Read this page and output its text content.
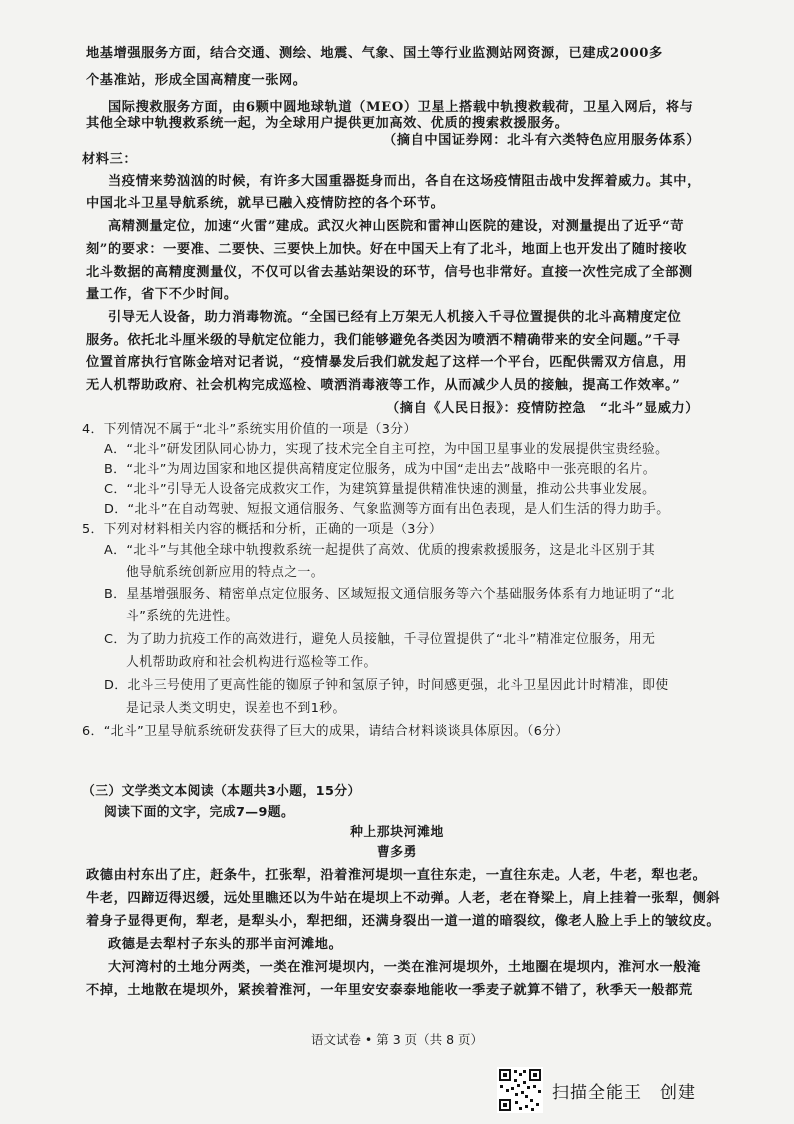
地基增强服务方面，结合交通、测绘、地震、气象、国土等行业监测站网资源，已建成2000多
个基准站，形成全国高精度一张网。
国际搜救服务方面，由6颗中圆地球轨道（MEO）卫星上搭载中轨搜救载荷，卫星入网后，将与
其他全球中轨搜救系统一起，为全球用户提供更加高效、优质的搜索救援服务。
（摘自中国证券网：北斗有六类特色应用服务体系）
材料三：
当疫情来势汹汹的时候，有许多大国重器挺身而出，各自在这场疫情阻击战中发挥着威力。其中，
中国北斗卫星导航系统，就早已融入疫情防控的各个环节。
高精测量定位，加速“火雷”建成。武汉火神山医院和雷神山医院的建设，对测量提出了近乎“苛
刻”的要求：一要准、二要快、三要快上加快。好在中国天上有了北斗，地面上也开发出了随时接收
北斗数据的高精度测量仪，不仅可以省去基站架设的环节，信号也非常好。直接一次性完成了全部测
量工作，省下不少时间。
引导无人设备，助力消毒物流。“全国已经有上万架无人机接入千寻位置提供的北斗高精度定位
服务。依托北斗厘米级的导航定位能力，我们能够避免各类因为喷洒不精确带来的安全问题。”千寻
位置首席执行官陈金培对记者说，“疫情暴发后我们就发起了这样一个平台，匹配供需双方信息，用
无人机帮助政府、社会机构完成巡检、喷洒消毒液等工作，从而减少人员的接触，提高工作效率。”
（摘自《人民日报》：疫情防控急　“北斗”显威力）
4．下列情况不属于“北斗”系统实用价值的一项是（3分）
A．“北斗”研发团队同心协力，实现了技术完全自主可控，为中国卫星事业的发展提供宝贵经验。
B．“北斗”为周边国家和地区提供高精度定位服务，成为中国“走出去”战略中一张亮眼的名片。
C．“北斗”引导无人设备完成救灾工作，为建筑算量提供精准快速的测量，推动公共事业发展。
D．“北斗”在自动驾驶、短报文通信服务、气象监测等方面有出色表现，是人们生活的得力助手。
5．下列对材料相关内容的概括和分析，正确的一项是（3分）
A．“北斗”与其他全球中轨搜救系统一起提供了高效、优质的搜索救援服务，这是北斗区别于其
他导航系统创新应用的特点之一。
B．星基增强服务、精密单点定位服务、区域短报文通信服务等六个基础服务体系有力地证明了“北
斗”系统的先进性。
C．为了助力抗疫工作的高效进行，避免人员接触，千寻位置提供了“北斗”精准定位服务，用无
人机帮助政府和社会机构进行巡检等工作。
D．北斗三号使用了更高性能的铷原子钟和氢原子钟，时间感更强，北斗卫星因此计时精准，即使
是记录人类文明史，误差也不到1秒。
6．“北斗”卫星导航系统研发获得了巨大的成果，请结合材料谈谈具体原因。（6分）
（三）文学类文本阅读（本题共3小题，15分）
阅读下面的文字，完成7—9题。
种上那块河滩地
曹多勇
政德由村东出了庄，赶条牛，扛张犁，沿着淮河堤坝一直往东走，一直往东走。人老，牛老，犁也老。
牛老，四蹄迈得迟缓，远处里瞧还以为牛站在堤坝上不动弹。人老，老在脊梁上，肩上挂着一张犁，侧斜
着身子显得更佝，犁老，是犁头小，犁把细，还满身裂出一道一道的暗裂纹，像老人脸上手上的皱纹皮。
政德是去犁村子东头的那半亩河滩地。
大河湾村的土地分两类，一类在淮河堤坝内，一类在淮河堤坝外，土地圈在堤坝内，淮河水一般淹
不掉，土地散在堤坝外，紧挨着淮河，一年里安安泰泰地能收一季麦子就算不错了，秋季天一般都荒
语文试卷 • 第 3 页（共 8 页）
扫描全能王　创建
